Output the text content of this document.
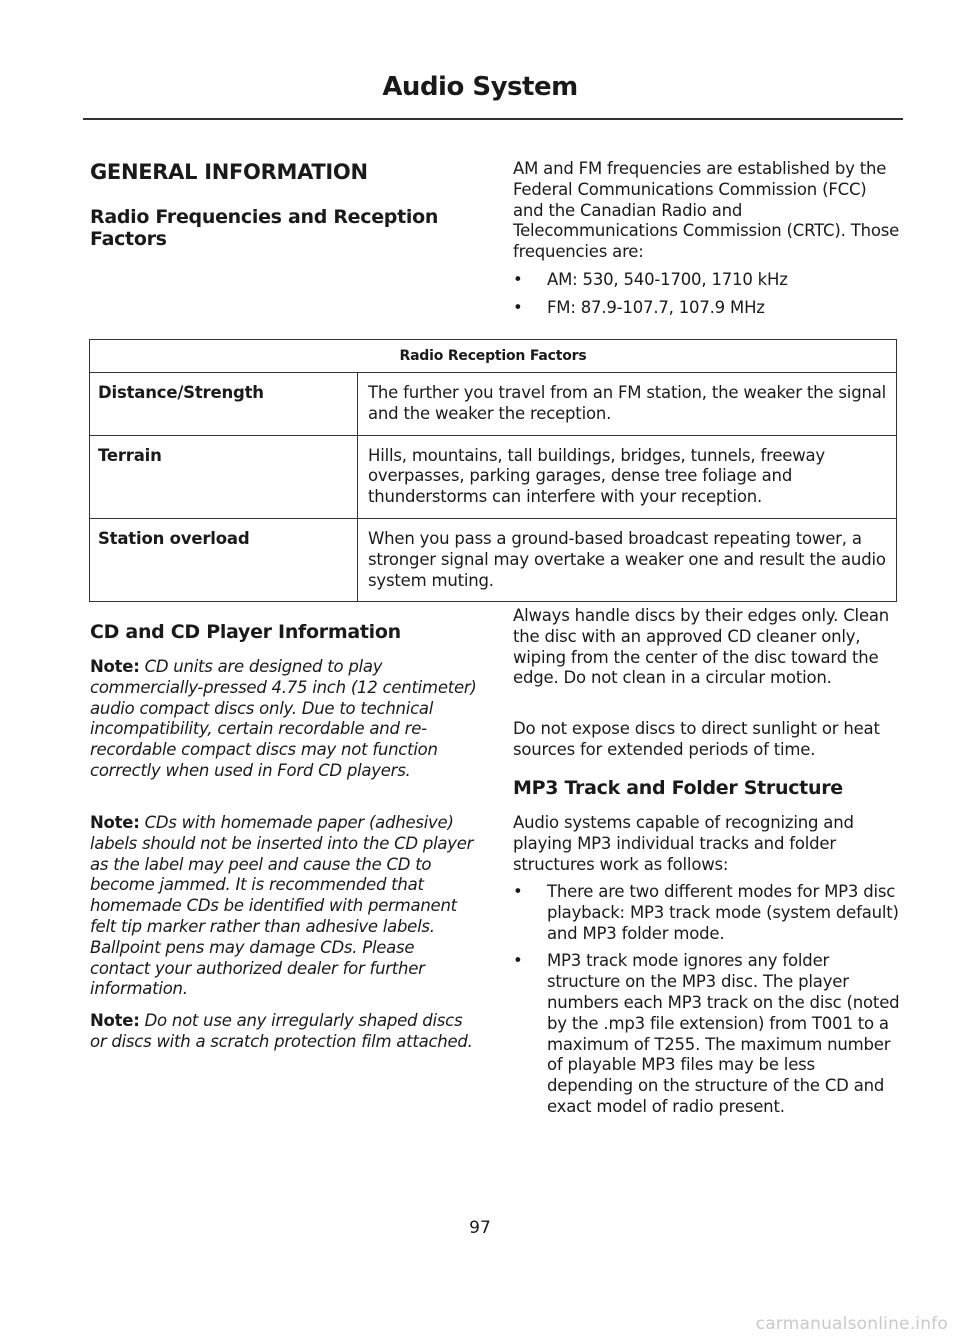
Audio System
GENERAL INFORMATION
Radio Frequencies and Reception Factors
AM and FM frequencies are established by the Federal Communications Commission (FCC) and the Canadian Radio and Telecommunications Commission (CRTC). Those frequencies are:
• AM: 530, 540-1700, 1710 kHz
• FM: 87.9-107.7, 107.9 MHz
Radio Reception Factors	
Distance/Strength	The further you travel from an FM station, the weaker the signal and the weaker the reception.
Terrain	Hills, mountains, tall buildings, bridges, tunnels, freeway overpasses, parking garages, dense tree foliage and thunderstorms can interfere with your reception.
Station overload	When you pass a ground-based broadcast repeating tower, a stronger signal may overtake a weaker one and result the audio system muting.
CD and CD Player Information
Note: CD units are designed to play commercially-pressed 4.75 inch (12 centimeter) audio compact discs only. Due to technical incompatibility, certain recordable and re-recordable compact discs may not function correctly when used in Ford CD players.
Note: CDs with homemade paper (adhesive) labels should not be inserted into the CD player as the label may peel and cause the CD to become jammed. It is recommended that homemade CDs be identified with permanent felt tip marker rather than adhesive labels. Ballpoint pens may damage CDs. Please contact your authorized dealer for further information.
Note: Do not use any irregularly shaped discs or discs with a scratch protection film attached.
Always handle discs by their edges only. Clean the disc with an approved CD cleaner only, wiping from the center of the disc toward the edge. Do not clean in a circular motion.
Do not expose discs to direct sunlight or heat sources for extended periods of time.
MP3 Track and Folder Structure
Audio systems capable of recognizing and playing MP3 individual tracks and folder structures work as follows:
• There are two different modes for MP3 disc playback: MP3 track mode (system default) and MP3 folder mode.
• MP3 track mode ignores any folder structure on the MP3 disc. The player numbers each MP3 track on the disc (noted by the .mp3 file extension) from T001 to a maximum of T255. The maximum number of playable MP3 files may be less depending on the structure of the CD and exact model of radio present.
97
carmanualsonline.info
